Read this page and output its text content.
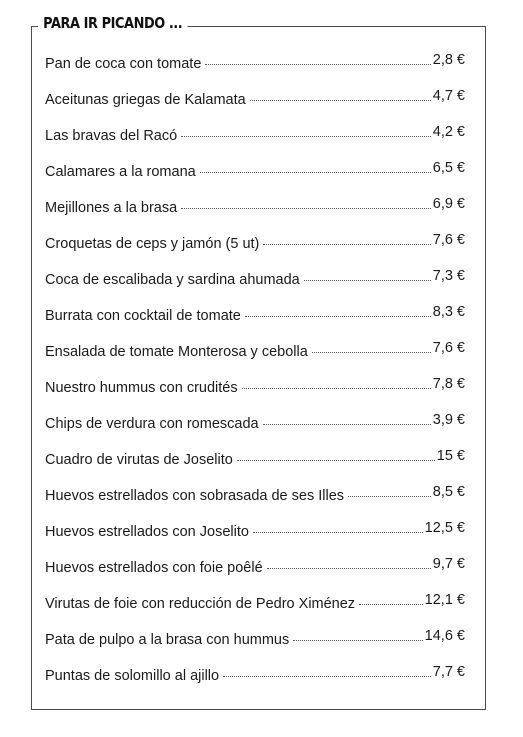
PARA IR PICANDO ...
Pan de coca con tomate	2,8 €
Aceitunas griegas de Kalamata	4,7 €
Las bravas del Racó	4,2 €
Calamares a la romana	6,5 €
Mejillones a la brasa	6,9 €
Croquetas de ceps y jamón (5 ut)	7,6 €
Coca de escalibada y sardina ahumada	7,3 €
Burrata con cocktail de tomate	8,3 €
Ensalada de tomate Monterosa y cebolla	7,6 €
Nuestro hummus con crudités	7,8 €
Chips de verdura con romescada	3,9 €
Cuadro de virutas de Joselito	15 €
Huevos estrellados con sobrasada de ses Illes	8,5 €
Huevos estrellados con Joselito	12,5 €
Huevos estrellados con foie poêlé	9,7 €
Virutas de foie con reducción de Pedro Ximénez	12,1 €
Pata de pulpo a la brasa con hummus	14,6 €
Puntas de solomillo al ajillo	7,7 €
